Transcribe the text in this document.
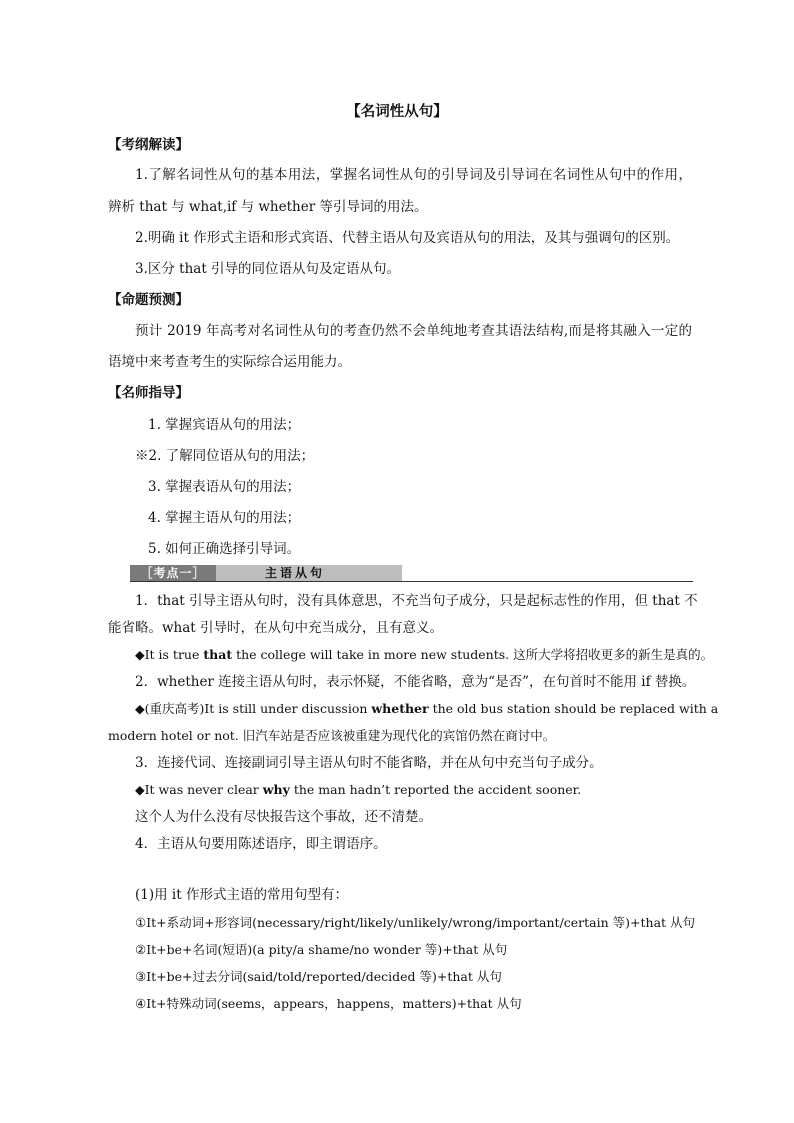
【名词性从句】
【考纲解读】
1.了解名词性从句的基本用法，掌握名词性从句的引导词及引导词在名词性从句中的作用，
辨析 that 与 what,if 与 whether 等引导词的用法。
2.明确 it 作形式主语和形式宾语、代替主语从句及宾语从句的用法，及其与强调句的区别。
3.区分 that 引导的同位语从句及定语从句。
【命题预测】
预计 2019 年高考对名词性从句的考查仍然不会单纯地考查其语法结构,而是将其融入一定的
语境中来考查考生的实际综合运用能力。
【名师指导】
1. 掌握宾语从句的用法；
※2. 了解同位语从句的用法；
3. 掌握表语从句的用法；
4. 掌握主语从句的用法；
5. 如何正确选择引导词。
［考点一］	主语从句
1．that 引导主语从句时，没有具体意思，不充当句子成分，只是起标志性的作用，但 that 不
能省略。what 引导时，在从句中充当成分，且有意义。
◆It is true that the college will take in more new students. 这所大学将招收更多的新生是真的。
2．whether 连接主语从句时，表示怀疑，不能省略，意为“是否”，在句首时不能用 if 替换。
◆(重庆高考)It is still under discussion whether the old bus station should be replaced with a
modern hotel or not. 旧汽车站是否应该被重建为现代化的宾馆仍然在商讨中。
3．连接代词、连接副词引导主语从句时不能省略，并在从句中充当句子成分。
◆It was never clear why the man hadn’t reported the accident sooner.
这个人为什么没有尽快报告这个事故，还不清楚。
4．主语从句要用陈述语序，即主谓语序。
(1)用 it 作形式主语的常用句型有：
①It+系动词+形容词(necessary/right/likely/unlikely/wrong/important/certain 等)+that 从句
②It+be+名词(短语)(a pity/a shame/no wonder 等)+that 从句
③It+be+过去分词(said/told/reported/decided 等)+that 从句
④It+特殊动词(seems，appears，happens，matters)+that 从句
